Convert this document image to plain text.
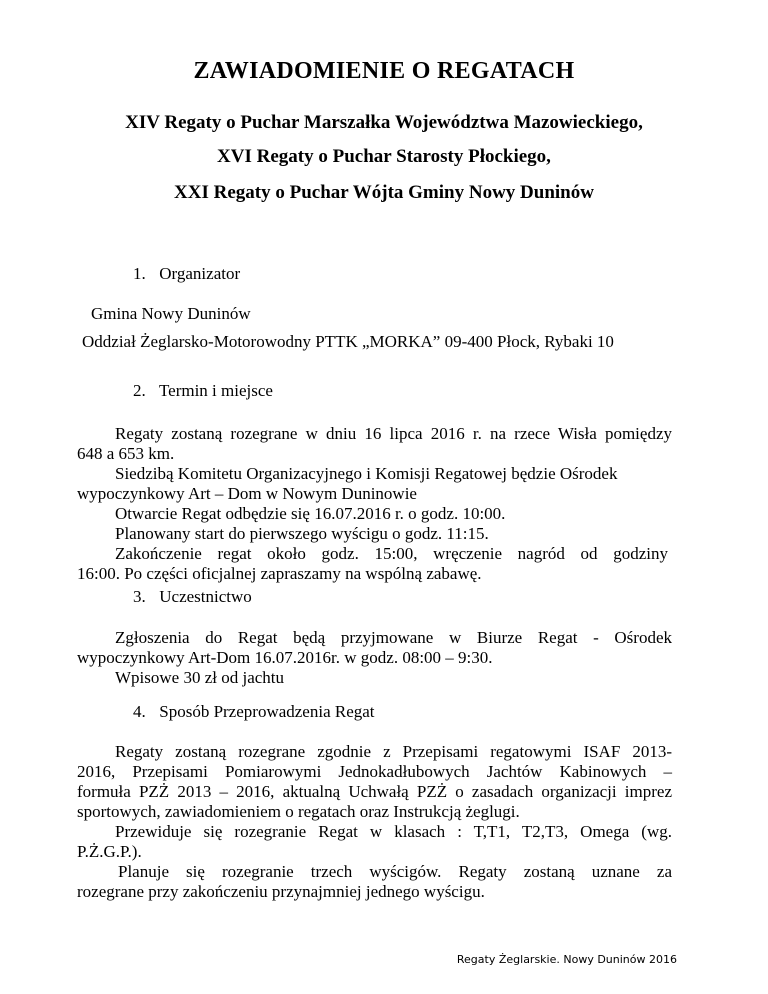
ZAWIADOMIENIE O REGATACH
XIV Regaty o Puchar Marszałka Województwa Mazowieckiego,
XVI Regaty o Puchar Starosty Płockiego,
XXI Regaty o Puchar Wójta Gminy Nowy Duninów
1. Organizator
Gmina Nowy Duninów
Oddział Żeglarsko-Motorowodny PTTK „MORKA” 09-400 Płock, Rybaki 10
2. Termin i miejsce
Regaty zostaną rozegrane w dniu 16 lipca 2016 r. na rzece Wisła pomiędzy
648 a 653 km.
Siedzibą Komitetu Organizacyjnego i Komisji Regatowej będzie Ośrodek
wypoczynkowy Art – Dom w Nowym Duninowie
Otwarcie Regat odbędzie się 16.07.2016 r. o godz. 10:00.
Planowany start do pierwszego wyścigu o godz. 11:15.
Zakończenie regat około godz. 15:00, wręczenie nagród od godziny
16:00. Po części oficjalnej zapraszamy na wspólną zabawę.
3. Uczestnictwo
Zgłoszenia do Regat będą przyjmowane w Biurze Regat - Ośrodek
wypoczynkowy Art-Dom 16.07.2016r. w godz. 08:00 – 9:30.
Wpisowe 30 zł od jachtu
4. Sposób Przeprowadzenia Regat
Regaty zostaną rozegrane zgodnie z Przepisami regatowymi ISAF 2013-
2016, Przepisami Pomiarowymi Jednokadłubowych Jachtów Kabinowych –
formuła PZŻ 2013 – 2016, aktualną Uchwałą PZŻ o zasadach organizacji imprez
sportowych, zawiadomieniem o regatach oraz Instrukcją żeglugi.
Przewiduje się rozegranie Regat w klasach : T,T1, T2,T3, Omega (wg.
P.Ż.G.P.).
Planuje się rozegranie trzech wyścigów. Regaty zostaną uznane za
rozegrane przy zakończeniu przynajmniej jednego wyścigu.
Regaty Żeglarskie. Nowy Duninów 2016
